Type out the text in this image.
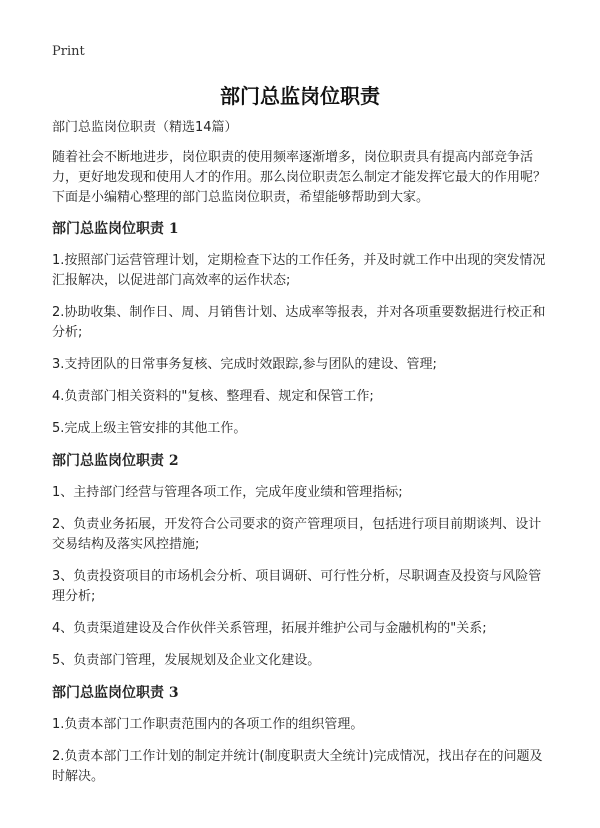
Print
部门总监岗位职责

部门总监岗位职责（精选14篇）

随着社会不断地进步，岗位职责的使用频率逐渐增多，岗位职责具有提高内部竞争活力，更好地发现和使用人才的作用。那么岗位职责怎么制定才能发挥它最大的作用呢？下面是小编精心整理的部门总监岗位职责，希望能够帮助到大家。

部门总监岗位职责 1

1.按照部门运营管理计划，定期检查下达的工作任务，并及时就工作中出现的突发情况汇报解决，以促进部门高效率的运作状态;

2.协助收集、制作日、周、月销售计划、达成率等报表，并对各项重要数据进行校正和分析;

3.支持团队的日常事务复核、完成时效跟踪,参与团队的建设、管理;

4.负责部门相关资料的"复核、整理看、规定和保管工作;

5.完成上级主管安排的其他工作。

部门总监岗位职责 2

1、主持部门经营与管理各项工作，完成年度业绩和管理指标;

2、负责业务拓展，开发符合公司要求的资产管理项目，包括进行项目前期谈判、设计交易结构及落实风控措施;

3、负责投资项目的市场机会分析、项目调研、可行性分析，尽职调查及投资与风险管理分析;

4、负责渠道建设及合作伙伴关系管理，拓展并维护公司与金融机构的"关系;

5、负责部门管理，发展规划及企业文化建设。

部门总监岗位职责 3

1.负责本部门工作职责范围内的各项工作的组织管理。

2.负责本部门工作计划的制定并统计(制度职责大全统计)完成情况，找出存在的问题及时解决。
